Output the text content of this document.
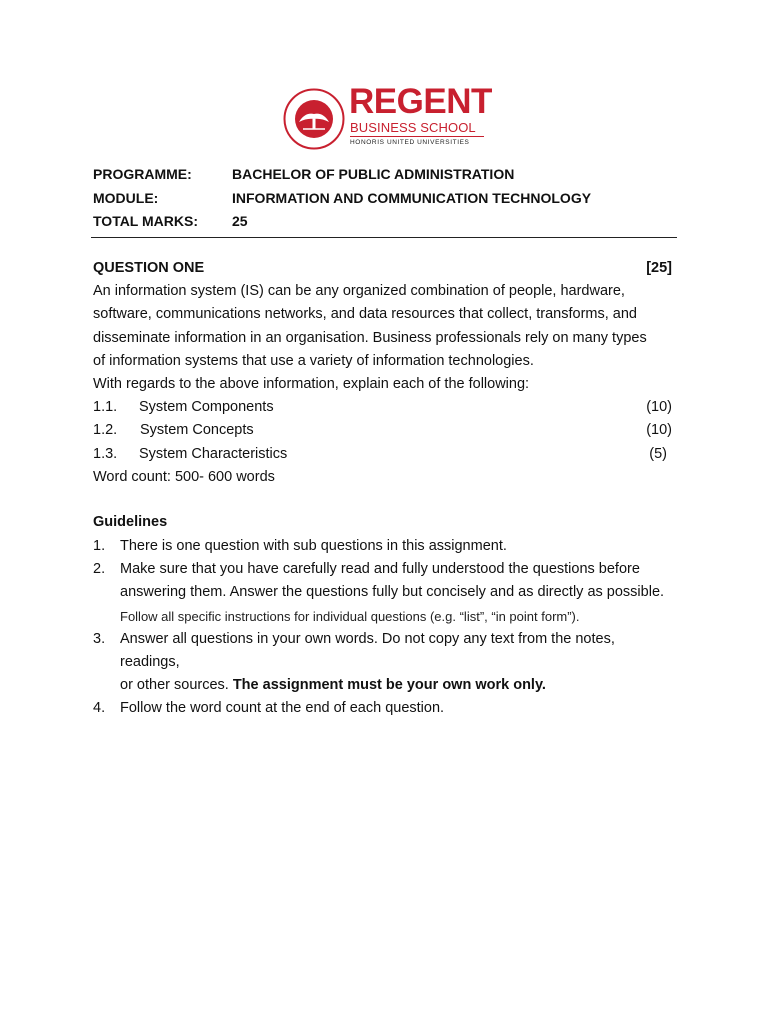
REGENT
BUSINESS SCHOOL
HONORIS UNITED UNIVERSITIES
PROGRAMME:	BACHELOR OF PUBLIC ADMINISTRATION
MODULE:	INFORMATION AND COMMUNICATION TECHNOLOGY
TOTAL MARKS: 25
QUESTION ONE	[25]
An information system (IS) can be any organized combination of people, hardware,
software, communications networks, and data resources that collect, transforms, and
disseminate information in an organisation. Business professionals rely on many types
of information systems that use a variety of information technologies.
With regards to the above information, explain each of the following:
1.1. System Components	(10)
1.2. System Concepts	(10)
1.3. System Characteristics	(5)
Word count: 500- 600 words
Guidelines
1. There is one question with sub questions in this assignment.
2. Make sure that you have carefully read and fully understood the questions before
answering them. Answer the questions fully but concisely and as directly as possible.
Follow all specific instructions for individual questions (e.g. “list”, “in point form”).
3. Answer all questions in your own words. Do not copy any text from the notes, readings,
or other sources. The assignment must be your own work only.
4. Follow the word count at the end of each question.
